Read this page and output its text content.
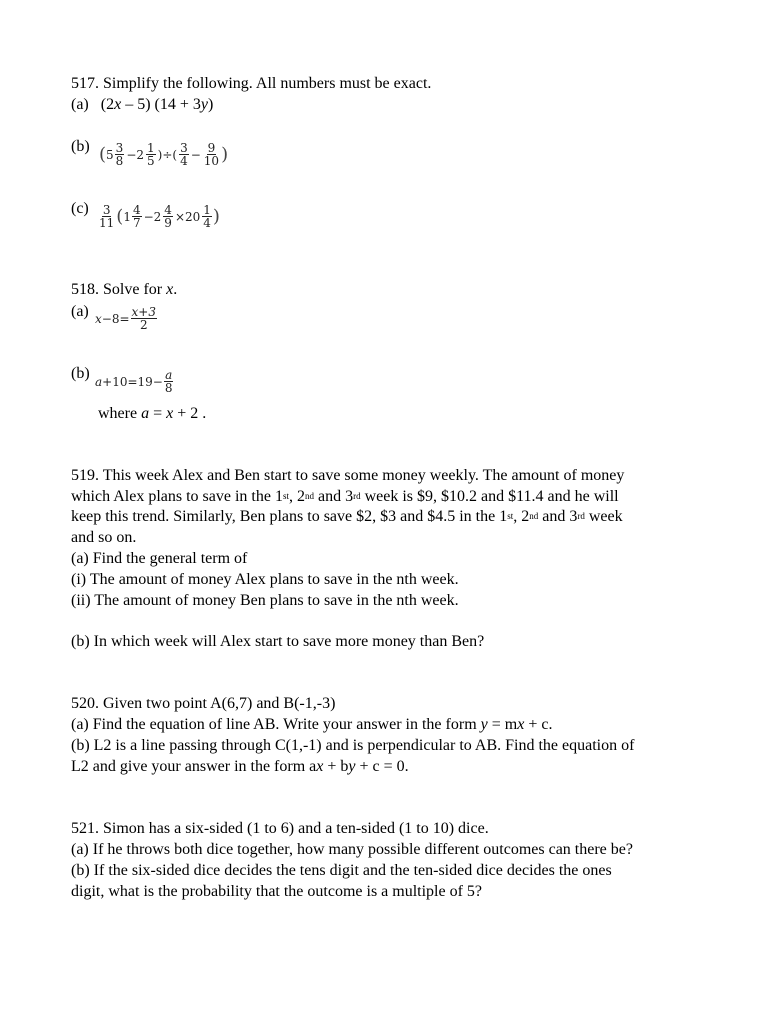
517. Simplify the following. All numbers must be exact.
(a) (2x – 5) (14 + 3y)
(b) ( $5 \frac{3}{8} -2 \frac{1}{5}$ )÷( $\frac{3}{4} - \frac{9}{10}$ )
$(c) \frac{3}{11}$ ( $1 \frac{4}{7} -2 \frac{4}{9} \times 20 \frac{1}{4}$ )
518. Solve for x.
(a) $x -8= \frac{x+3}{2}$
(b) $a +10=19- \frac{a}{8}$
where a = x + 2 .
519. This week Alex and Ben start to save some money weekly. The amount of money
which Alex plans to save in the 1st, 2nd and 3rd week is $9, $10.2 and $11.4 and he will
keep this trend. Similarly, Ben plans to save $2, $3 and $4.5 in the 1st, 2nd and 3rd week
and so on.
(a) Find the general term of
(i) The amount of money Alex plans to save in the nth week.
(ii) The amount of money Ben plans to save in the nth week.
(b) In which week will Alex start to save more money than Ben?
520. Given two point A(6,7) and B(-1,-3)
(a) Find the equation of line AB. Write your answer in the form y = mx + c.
(b) L2 is a line passing through C(1,-1) and is perpendicular to AB. Find the equation of
L2 and give your answer in the form ax + by + c = 0.
521. Simon has a six-sided (1 to 6) and a ten-sided (1 to 10) dice.
(a) If he throws both dice together, how many possible different outcomes can there be?
(b) If the six-sided dice decides the tens digit and the ten-sided dice decides the ones
digit, what is the probability that the outcome is a multiple of 5?
